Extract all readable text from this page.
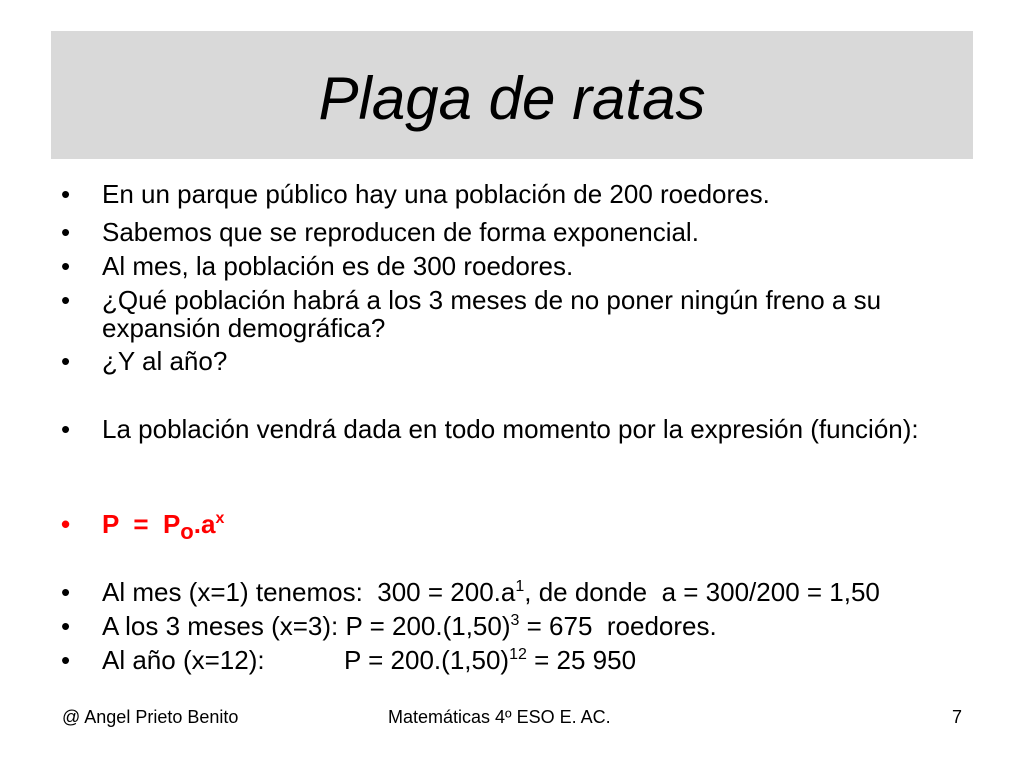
Plaga de ratas
• En un parque público hay una población de 200 roedores.
• Sabemos que se reproducen de forma exponencial.
• Al mes, la población es de 300 roedores.
• ¿Qué población habrá a los 3 meses de no poner ningún freno a su expansión demográfica?
• ¿Y al año?
• La población vendrá dada en todo momento por la expresión (función):
• $P = P_o.a^x$
• Al mes (x=1) tenemos:  $300 = 200.a^1$, de donde  a = 300/200 = 1,50
• A los 3 meses (x=3): $P = 200.(1,50)^3 = 675$  roedores.
• Al año (x=12):           $P = 200.(1,50)^{12} = 25$ 950
@ Angel Prieto Benito	Matemáticas 4º ESO E. AC.	7
